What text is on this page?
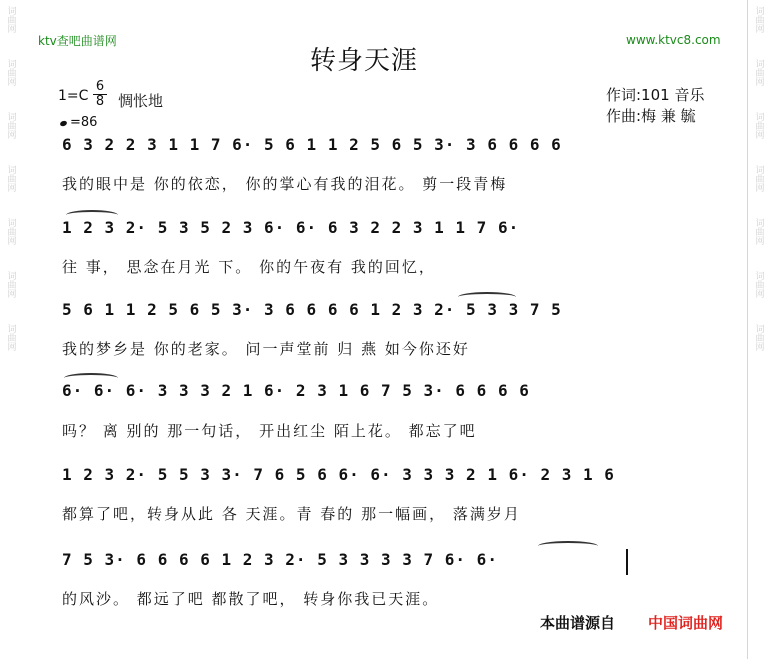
词曲网
词曲网
词曲网
词曲网
词曲网
词曲网
词曲网
词曲网
词曲网
词曲网
词曲网
词曲网
词曲网
词曲网
ktv查吧曲谱网	www.ktvc8.com
转身天涯
1=C
6
8 惆怅地
=86
作词:101 音乐
作曲:梅 兼 毓
6 3 2 2 3 1 1 7 6· 5 6 1 1 2 5 6 5 3· 3 6 6 6 6
我的眼中是 你的依恋， 你的掌心有我的泪花。 剪一段青梅
1 2 3 2· 5 3 5 2 3 6· 6· 6 3 2 2 3 1 1 7 6·
往 事， 思念在月光 下。 你的午夜有 我的回忆，
5 6 1 1 2 5 6 5 3· 3 6 6 6 6 1 2 3 2· 5 3 3 7 5
我的梦乡是 你的老家。 问一声堂前 归 燕 如今你还好
6· 6· 6· 3 3 3 2 1 6· 2 3 1 6 7 5 3· 6 6 6 6
吗？ 离 别的 那一句话， 开出红尘 陌上花。 都忘了吧
1 2 3 2· 5 5 3 3· 7 6 5 6 6· 6· 3 3 3 2 1 6· 2 3 1 6
都算了吧，转身从此 各 天涯。青 春的 那一幅画， 落满岁月
7 5 3· 6 6 6 6 1 2 3 2· 5 3 3 3 3 7 6· 6·
的风沙。 都远了吧 都散了吧， 转身你我已天涯。
本曲谱源自 中国词曲网
